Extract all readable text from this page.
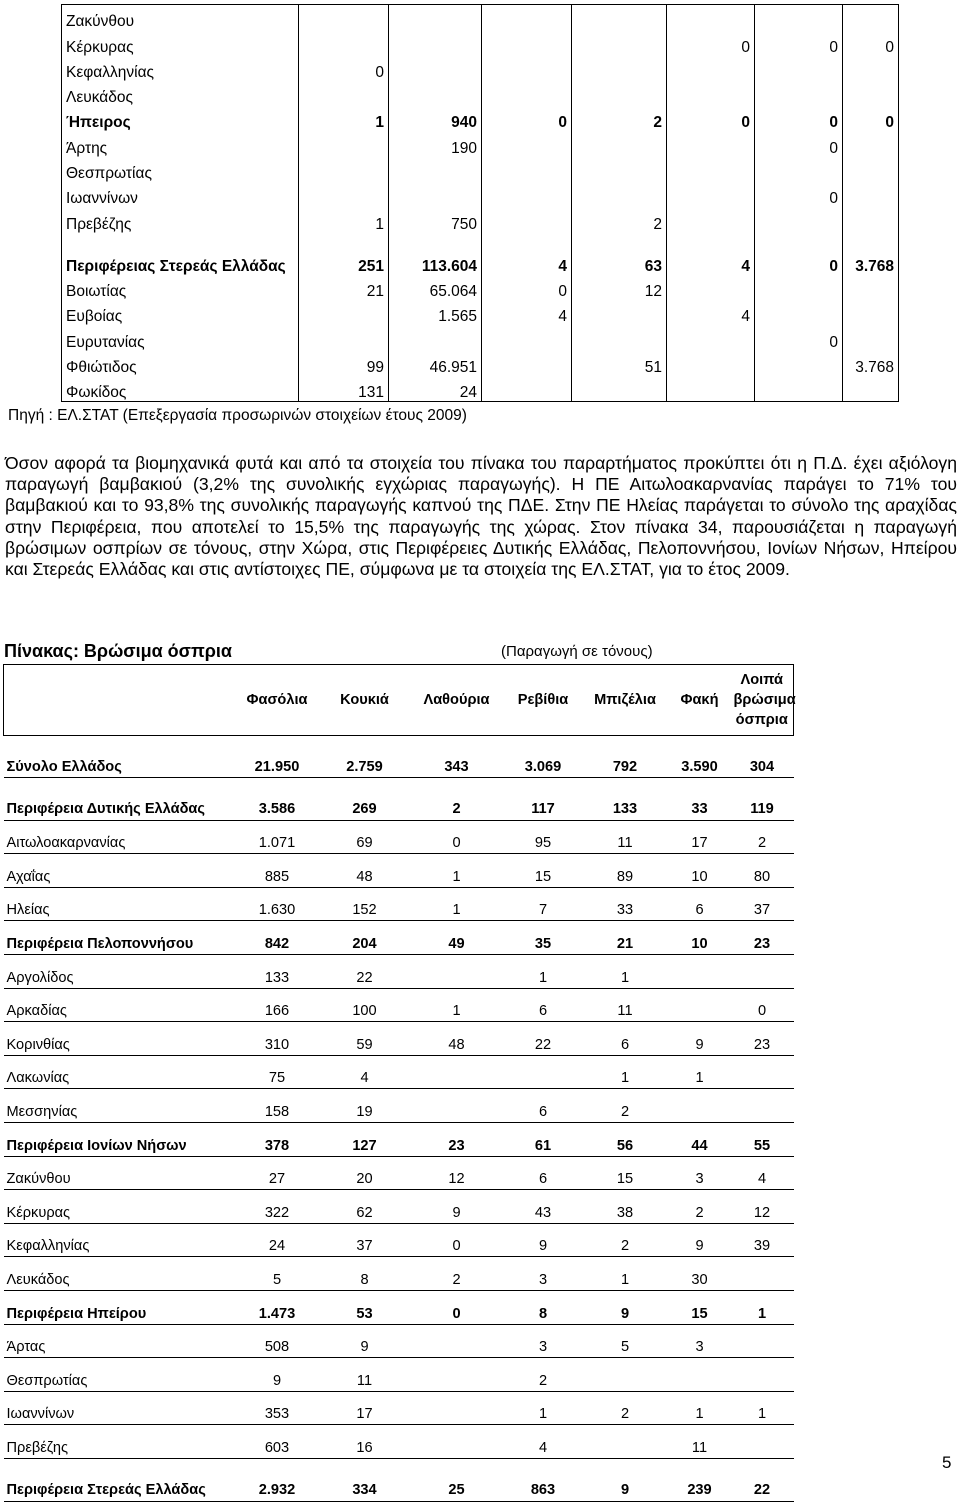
Ζακύνθου							
Κέρκυρας					0	0	0
Κεφαλληνίας	0						
Λευκάδος							
Ήπειρος	1	940	0	2	0	0	0
Άρτης		190				0	
Θεσπρωτίας							
Ιωαννίνων						0	
Πρεβέζης	1	750		2			
Περιφέρειας Στερεάς Ελλάδας	251	113.604	4	63	4	0	3.768
Βοιωτίας	21	65.064	0	12			
Ευβοίας		1.565	4		4		
Ευρυτανίας						0	
Φθιώτιδος	99	46.951		51			3.768
Φωκίδος	131	24					
Πηγή : ΕΛ.ΣΤΑΤ (Επεξεργασία προσωρινών στοιχείων έτους 2009)

Όσον αφορά τα βιομηχανικά φυτά και από τα στοιχεία του πίνακα του παραρτήματος προκύπτει ότι η Π.Δ. έχει αξιόλογη παραγωγή βαμβακιού (3,2% της συνολικής εγχώριας παραγωγής). Η ΠΕ Αιτωλοακαρνανίας παράγει το 71% του βαμβακιού και το 93,8% της συνολικής παραγωγής καπνού της ΠΔΕ. Στην ΠΕ Ηλείας παράγεται το σύνολο της αραχίδας στην Περιφέρεια, που αποτελεί το 15,5% της παραγωγής της χώρας. Στον πίνακα 34, παρουσιάζεται η παραγωγή βρώσιμων οσπρίων σε τόνους, στην Χώρα, στις Περιφέρειες Δυτικής Ελλάδας, Πελοποννήσου, Ιονίων Νήσων, Ηπείρου και Στερεάς Ελλάδας και στις αντίστοιχες ΠΕ, σύμφωνα με τα στοιχεία της ΕΛ.ΣΤΑΤ, για το έτος 2009.

Πίνακας: Βρώσιμα όσπρια	(Παραγωγή σε τόνους)
	Φασόλια	Κουκιά	Λαθούρια	Ρεβίθια	Μπιζέλια	Φακή	Λοιπά βρώσιμα όσπρια

Σύνολο Ελλάδος	21.950	2.759	343	3.069	792	3.590	304
Περιφέρεια Δυτικής Ελλάδας	3.586	269	2	117	133	33	119
Αιτωλοακαρνανίας	1.071	69	0	95	11	17	2
Αχαΐας	885	48	1	15	89	10	80
Ηλείας	1.630	152	1	7	33	6	37
Περιφέρεια Πελοποννήσου	842	204	49	35	21	10	23
Αργολίδος	133	22		1	1		
Αρκαδίας	166	100	1	6	11		0
Κορινθίας	310	59	48	22	6	9	23
Λακωνίας	75	4			1	1	
Μεσσηνίας	158	19		6	2		
Περιφέρεια Ιονίων Νήσων	378	127	23	61	56	44	55
Ζακύνθου	27	20	12	6	15	3	4
Κέρκυρας	322	62	9	43	38	2	12
Κεφαλληνίας	24	37	0	9	2	9	39
Λευκάδος	5	8	2	3	1	30	
Περιφέρεια Ηπείρου	1.473	53	0	8	9	15	1
Άρτας	508	9		3	5	3	
Θεσπρωτίας	9	11		2			
Ιωαννίνων	353	17		1	2	1	1
Πρεβέζης	603	16		4		11	
Περιφέρεια Στερεάς Ελλάδας	2.932	334	25	863	9	239	22
5
